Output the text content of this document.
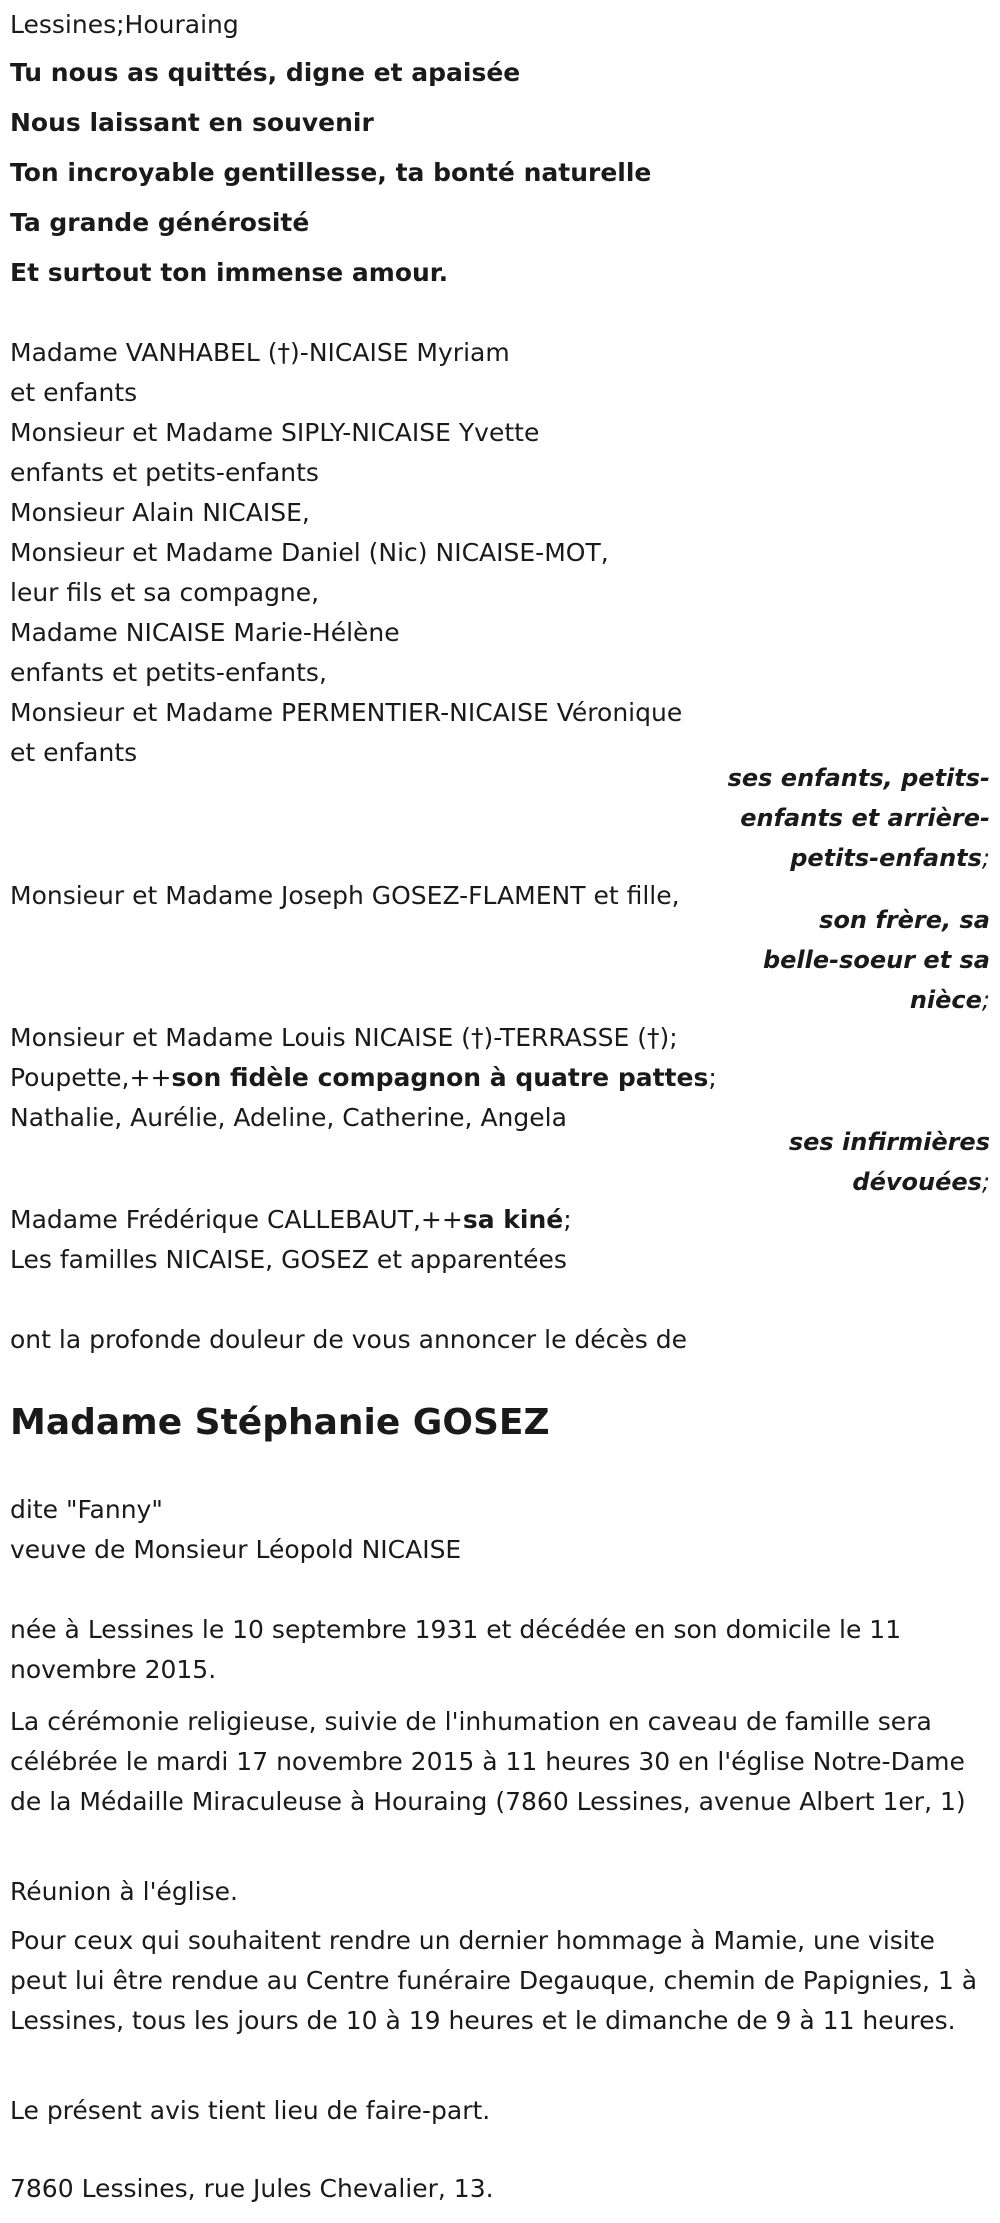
Lessines;Houraing

Tu nous as quittés, digne et apaisée

Nous laissant en souvenir

Ton incroyable gentillesse, ta bonté naturelle

Ta grande générosité

Et surtout ton immense amour.

Madame VANHABEL (†)-NICAISE Myriam

et enfants

Monsieur et Madame SIPLY-NICAISE Yvette

enfants et petits-enfants

Monsieur Alain NICAISE,

Monsieur et Madame Daniel (Nic) NICAISE-MOT,

leur fils et sa compagne,

Madame NICAISE Marie-Hélène

enfants et petits-enfants,

Monsieur et Madame PERMENTIER-NICAISE Véronique

et enfants

ses enfants, petits-
enfants et arrière-
petits-enfants;

Monsieur et Madame Joseph GOSEZ-FLAMENT et fille,

son frère, sa
belle-soeur et sa
nièce;

Monsieur et Madame Louis NICAISE (†)-TERRASSE (†);

Poupette,++son fidèle compagnon à quatre pattes;

Nathalie, Aurélie, Adeline, Catherine, Angela

ses infirmières
dévouées;

Madame Frédérique CALLEBAUT,++sa kiné;

Les familles NICAISE, GOSEZ et apparentées

ont la profonde douleur de vous annoncer le décès de

Madame Stéphanie GOSEZ

dite "Fanny"

veuve de Monsieur Léopold NICAISE

née à Lessines le 10 septembre 1931 et décédée en son domicile le 11 novembre 2015.

La cérémonie religieuse, suivie de l'inhumation en caveau de famille sera célébrée le mardi 17 novembre 2015 à 11 heures 30 en l'église Notre-Dame de la Médaille Miraculeuse à Houraing (7860 Lessines, avenue Albert 1er, 1)

Réunion à l'église.

Pour ceux qui souhaitent rendre un dernier hommage à Mamie, une visite peut lui être rendue au Centre funéraire Degauque, chemin de Papignies, 1 à Lessines, tous les jours de 10 à 19 heures et le dimanche de 9 à 11 heures.

Le présent avis tient lieu de faire-part.

7860 Lessines, rue Jules Chevalier, 13.
